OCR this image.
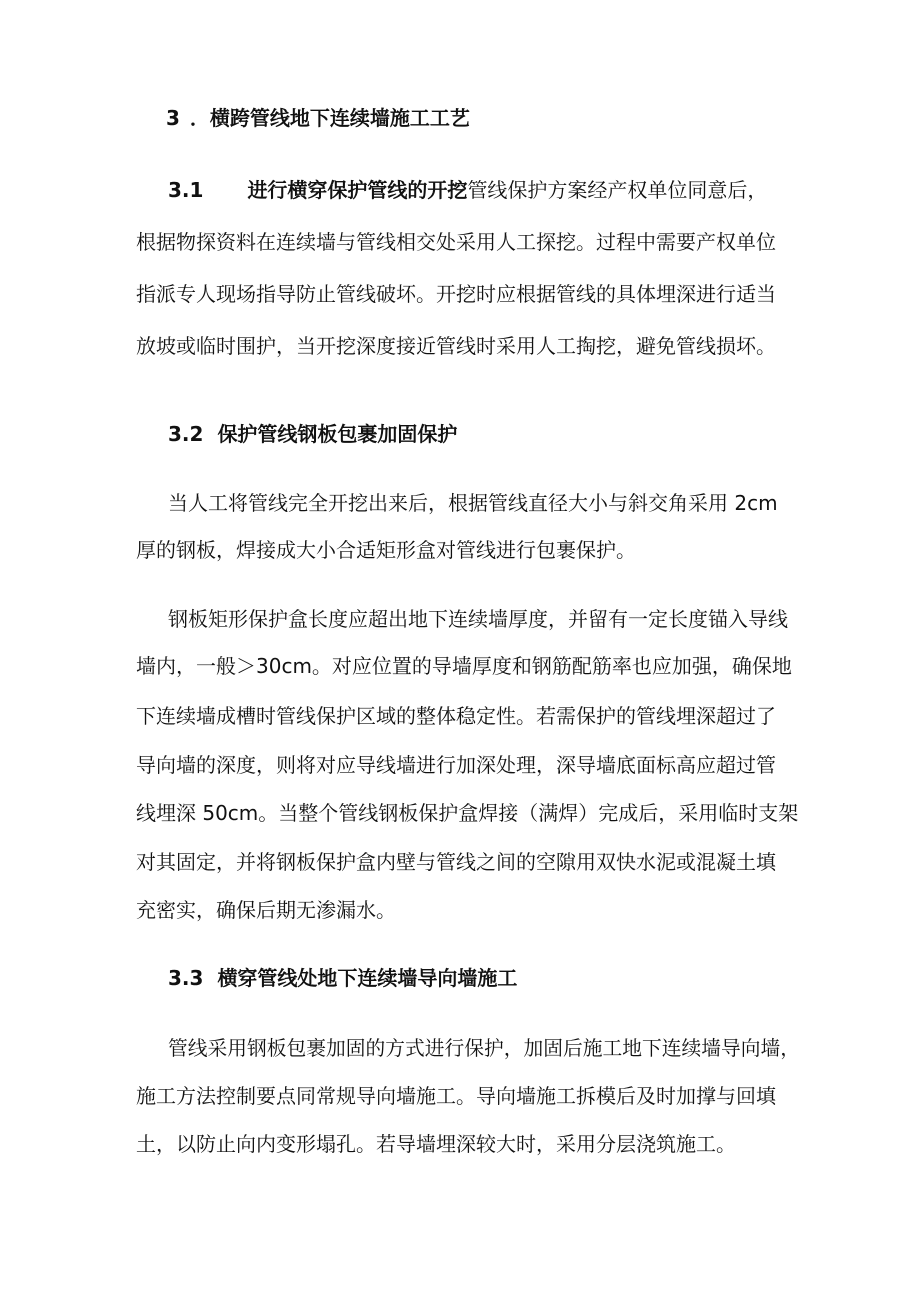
3 ．横跨管线地下连续墙施工工艺
3.1 进行横穿保护管线的开挖管线保护方案经产权单位同意后，
根据物探资料在连续墙与管线相交处采用人工探挖。过程中需要产权单位
指派专人现场指导防止管线破坏。开挖时应根据管线的具体埋深进行适当
放坡或临时围护，当开挖深度接近管线时采用人工掏挖，避免管线损坏。
3.2 保护管线钢板包裹加固保护
当人工将管线完全开挖出来后，根据管线直径大小与斜交角采用 2cm
厚的钢板，焊接成大小合适矩形盒对管线进行包裹保护。
钢板矩形保护盒长度应超出地下连续墙厚度，并留有一定长度锚入导线
墙内，一般＞30cm。对应位置的导墙厚度和钢筋配筋率也应加强，确保地
下连续墙成槽时管线保护区域的整体稳定性。若需保护的管线埋深超过了
导向墙的深度，则将对应导线墙进行加深处理，深导墙底面标高应超过管
线埋深 50cm。当整个管线钢板保护盒焊接（满焊）完成后，采用临时支架
对其固定，并将钢板保护盒内壁与管线之间的空隙用双快水泥或混凝土填
充密实，确保后期无渗漏水。
3.3 横穿管线处地下连续墙导向墙施工
管线采用钢板包裹加固的方式进行保护，加固后施工地下连续墙导向墙，
施工方法控制要点同常规导向墙施工。导向墙施工拆模后及时加撑与回填
土，以防止向内变形塌孔。若导墙埋深较大时，采用分层浇筑施工。
